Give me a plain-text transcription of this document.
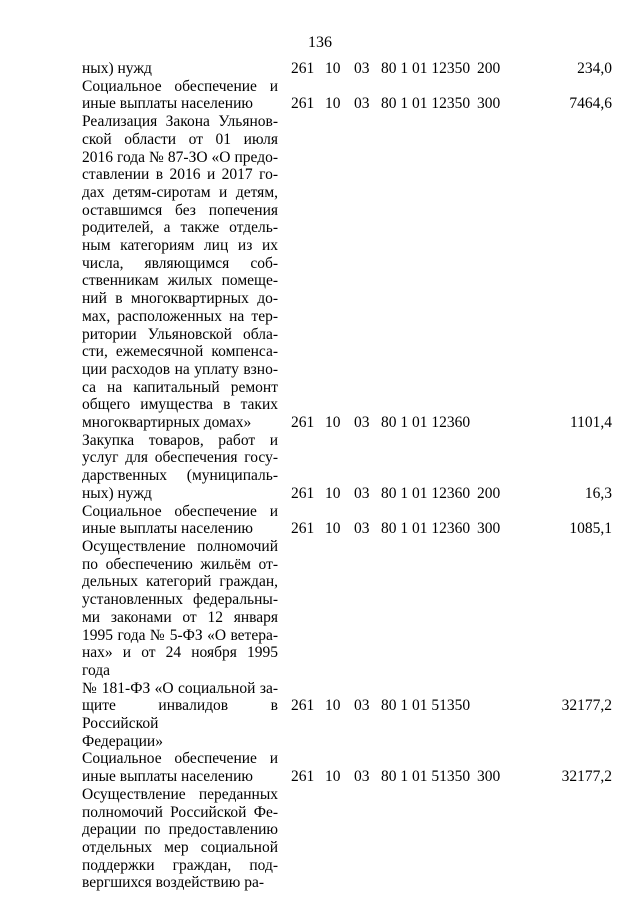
136
ных) нужд	261 10 03 80 1 01 12350 200	234,0
Социальное обеспечение и
иные выплаты населению	261 10 03 80 1 01 12350 300	7464,6
Реализация Закона Ульянов-
ской области от 01 июля
2016 года № 87-ЗО «О предо-
ставлении в 2016 и 2017 го-
дах детям-сиротам и детям,
оставшимся без попечения
родителей, а также отдель-
ным категориям лиц из их
числа, являющимся соб-
ственникам жилых помеще-
ний в многоквартирных до-
мах, расположенных на тер-
ритории Ульяновской обла-
сти, ежемесячной компенса-
ции расходов на уплату взно-
са на капитальный ремонт
общего имущества в таких
многоквартирных домах»	261 10 03 80 1 01 12360	1101,4
Закупка товаров, работ и
услуг для обеспечения госу-
дарственных (муниципаль-
ных) нужд	261 10 03 80 1 01 12360 200	16,3
Социальное обеспечение и
иные выплаты населению	261 10 03 80 1 01 12360 300	1085,1
Осуществление полномочий
по обеспечению жильём от-
дельных категорий граждан,
установленных федеральны-
ми законами от 12 января
1995 года № 5-ФЗ «О ветера-
нах» и от 24 ноября 1995 года
№ 181-ФЗ «О социальной за-
щите инвалидов в Российской
Федерации»
261 10 03 80 1 01 51350	32177,2
Социальное обеспечение и
иные выплаты населению	261 10 03 80 1 01 51350 300	32177,2
Осуществление переданных
полномочий Российской Фе-
дерации по предоставлению
отдельных мер социальной
поддержки граждан, под-
вергшихся воздействию ра-
